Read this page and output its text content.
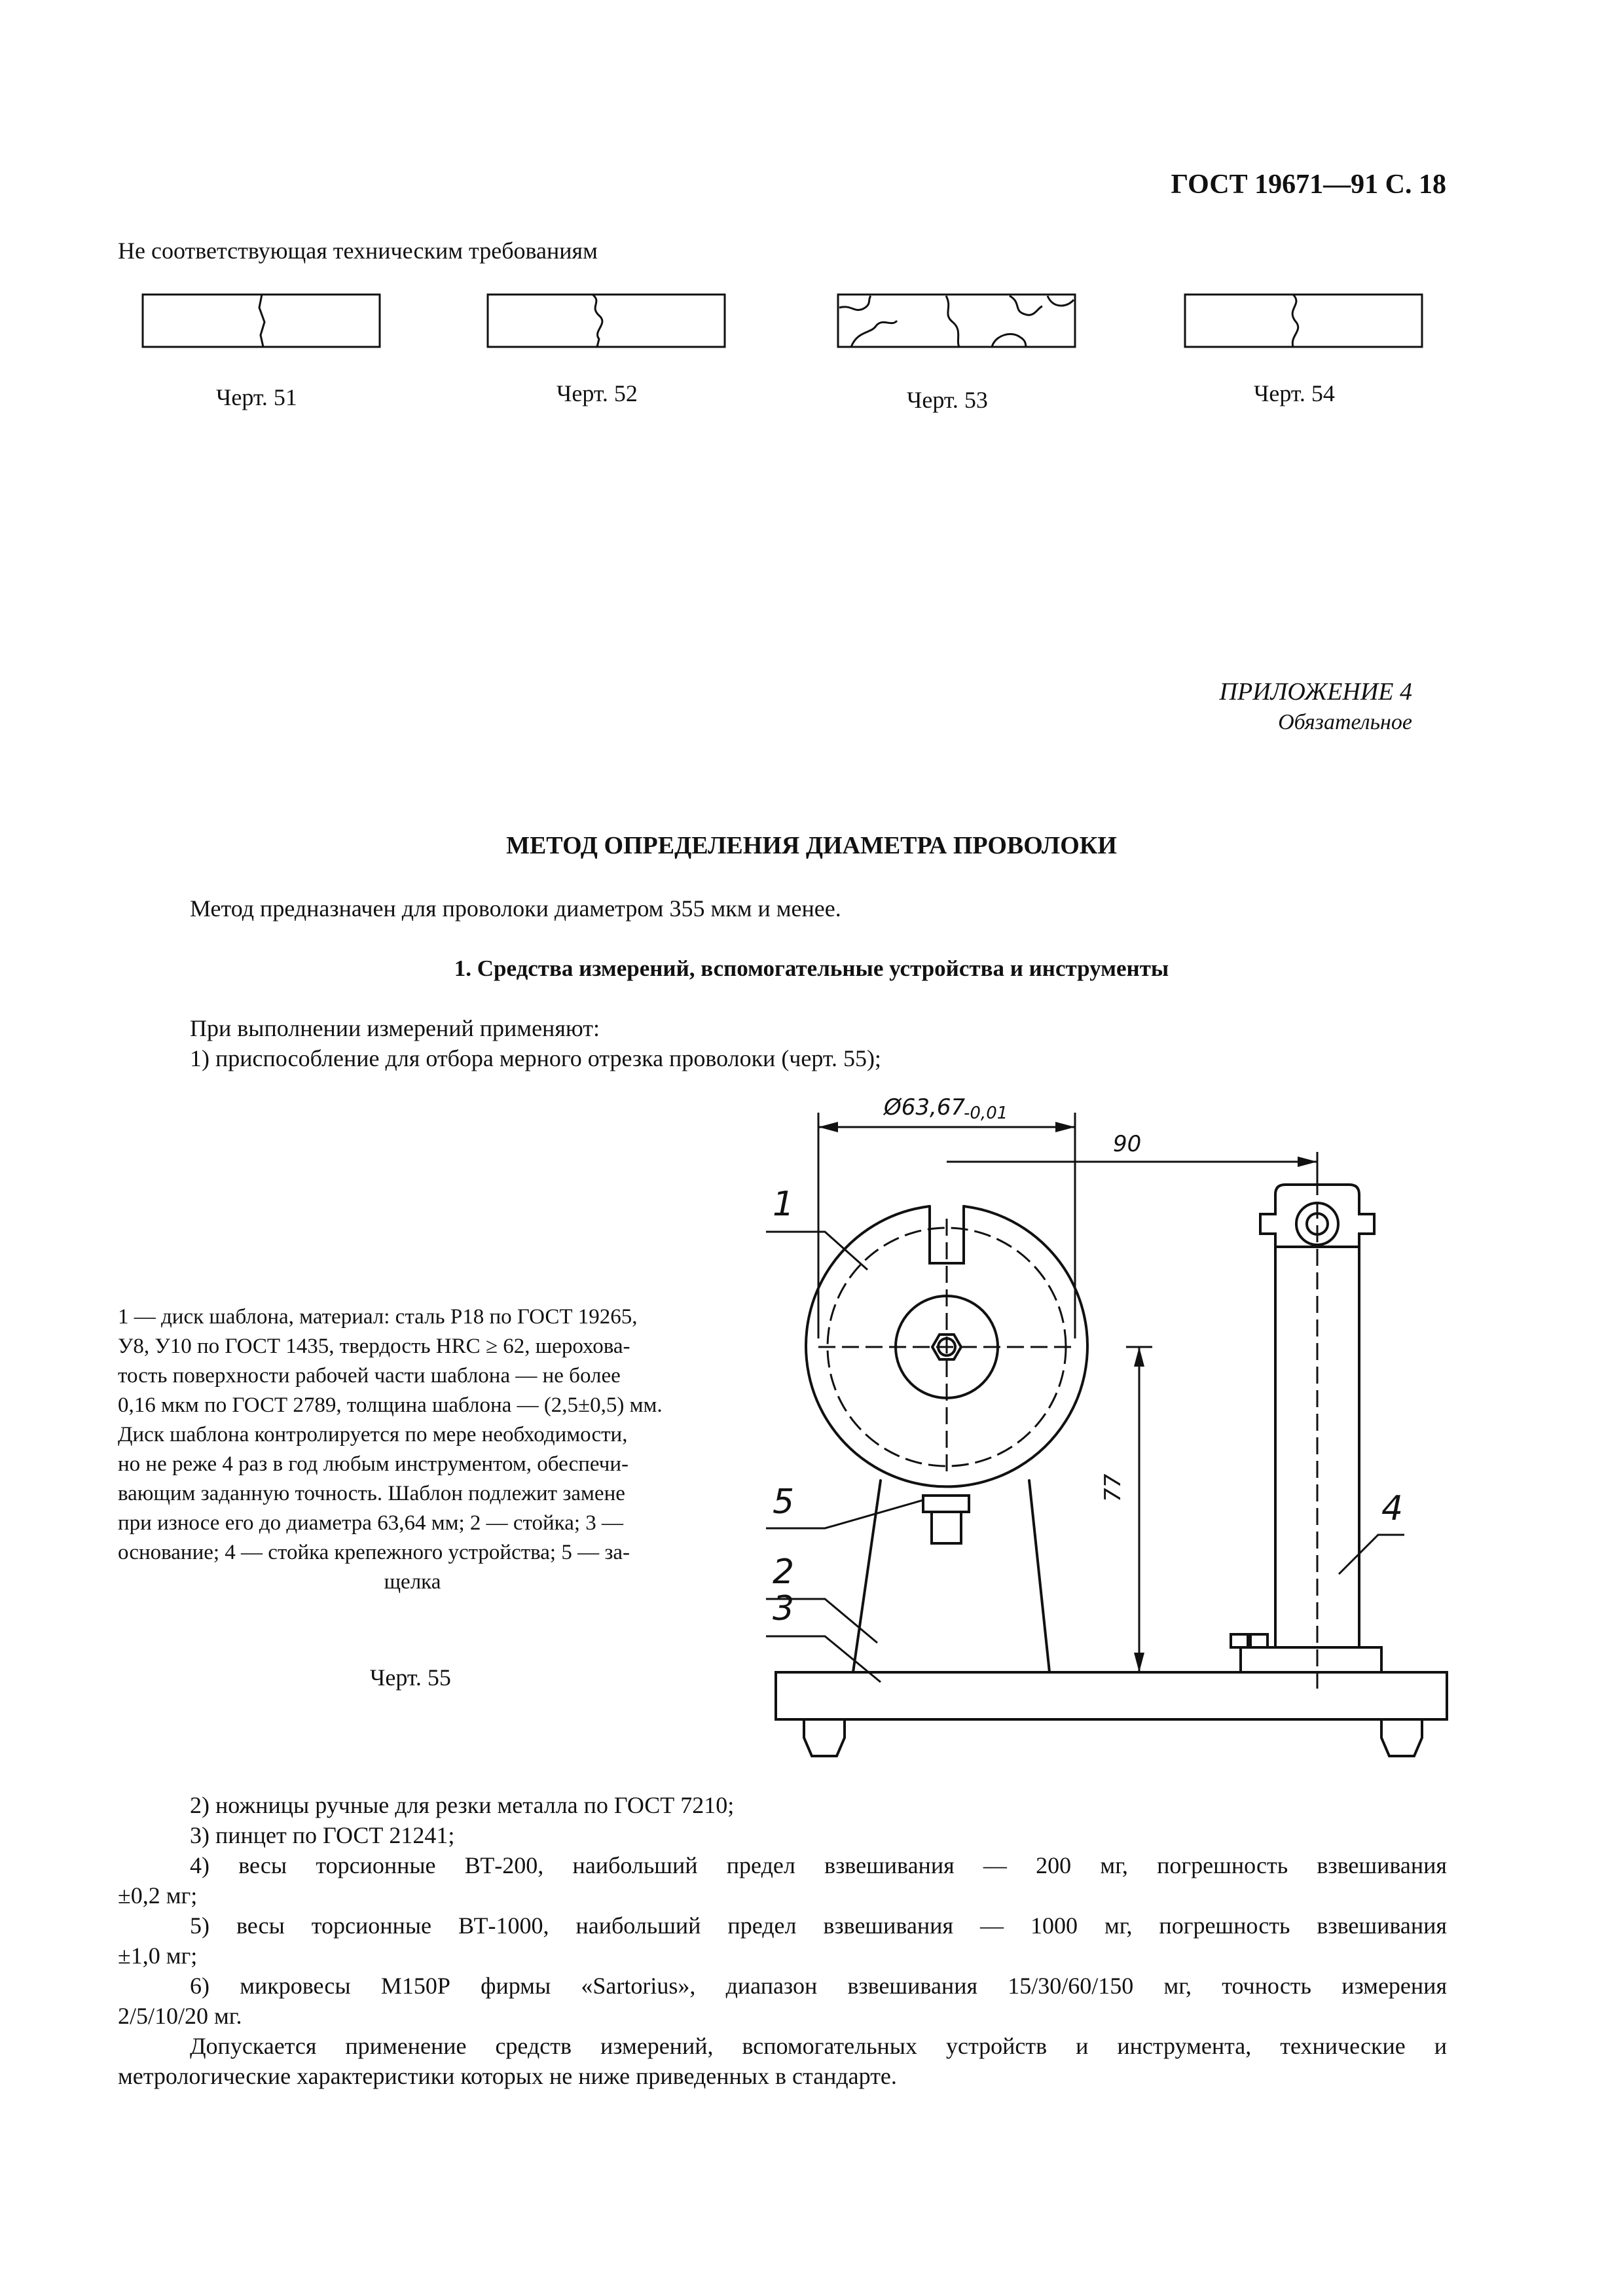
ГОСТ 19671—91 С. 18
Не соответствующая техническим требованиям
Черт. 51	Черт. 52	Черт. 53	Черт. 54
ПРИЛОЖЕНИЕ 4
Обязательное
МЕТОД ОПРЕДЕЛЕНИЯ ДИАМЕТРА ПРОВОЛОКИ
Метод предназначен для проволоки диаметром 355 мкм и менее.
1. Средства измерений, вспомогательные устройства и инструменты
При выполнении измерений применяют:
1) приспособление для отбора мерного отрезка проволоки (черт. 55);
Ø63,67
-0,01
90
77
1
5
2
3
4
1 — диск шаблона, материал: сталь Р18 по ГОСТ 19265,
У8, У10 по ГОСТ 1435, твердость HRC ≥ 62, шерохова-
тость поверхности рабочей части шаблона — не более
0,16 мкм по ГОСТ 2789, толщина шаблона — (2,5±0,5) мм.
Диск шаблона контролируется по мере необходимости,
но не реже 4 раз в год любым инструментом, обеспечи-
вающим заданную точность. Шаблон подлежит замене
при износе его до диаметра 63,64 мм; 2 — стойка; 3 —
основание; 4 — стойка крепежного устройства; 5 — за-
щелка
Черт. 55
2) ножницы ручные для резки металла по ГОСТ 7210;
3) пинцет по ГОСТ 21241;
4) весы торсионные ВТ-200, наибольший предел взвешивания — 200 мг, погрешность взвешивания
±0,2 мг;
5) весы торсионные ВТ-1000, наибольший предел взвешивания — 1000 мг, погрешность взвешивания
±1,0 мг;
6) микровесы М150Р фирмы «Sartorius», диапазон взвешивания 15/30/60/150 мг, точность измерения
2/5/10/20 мг.
Допускается применение средств измерений, вспомогательных устройств и инструмента, технические и
метрологические характеристики которых не ниже приведенных в стандарте.
